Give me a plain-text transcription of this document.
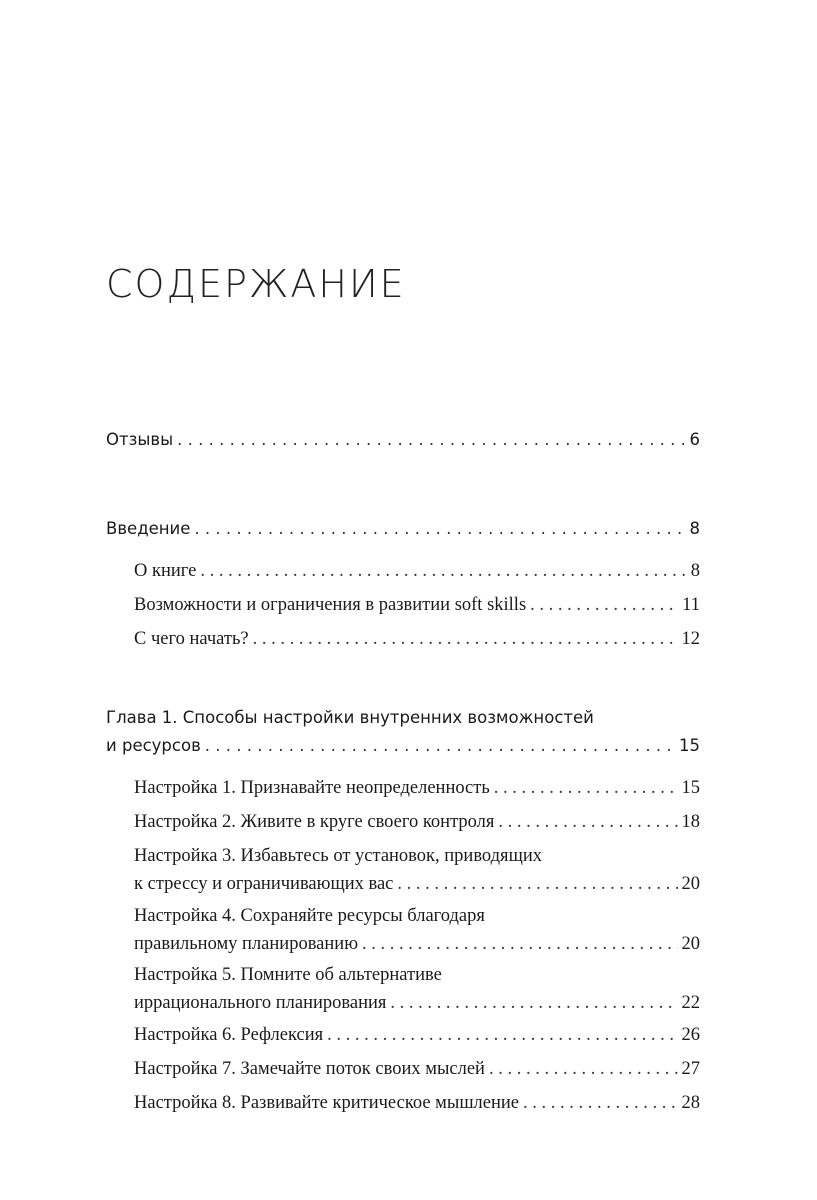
СОДЕРЖАНИЕ
Отзывы . . .	6
Введение . . .	8
О книге . . .	8
Возможности и ограничения в развитии soft skills . . .	11
С чего начать? . . .	12
Глава 1. Способы настройки внутренних возможностей
и ресурсов . . .	15
Настройка 1. Признавайте неопределенность . . .	15
Настройка 2. Живите в круге своего контроля . . .	18
Настройка 3. Избавьтесь от установок, приводящих
к стрессу и ограничивающих вас . . .	20
Настройка 4. Сохраняйте ресурсы благодаря
правильному планированию . . .	20
Настройка 5. Помните об альтернативе
иррационального планирования . . .	22
Настройка 6. Рефлексия . . .	26
Настройка 7. Замечайте поток своих мыслей . . .	27
Настройка 8. Развивайте критическое мышление . . .	28
